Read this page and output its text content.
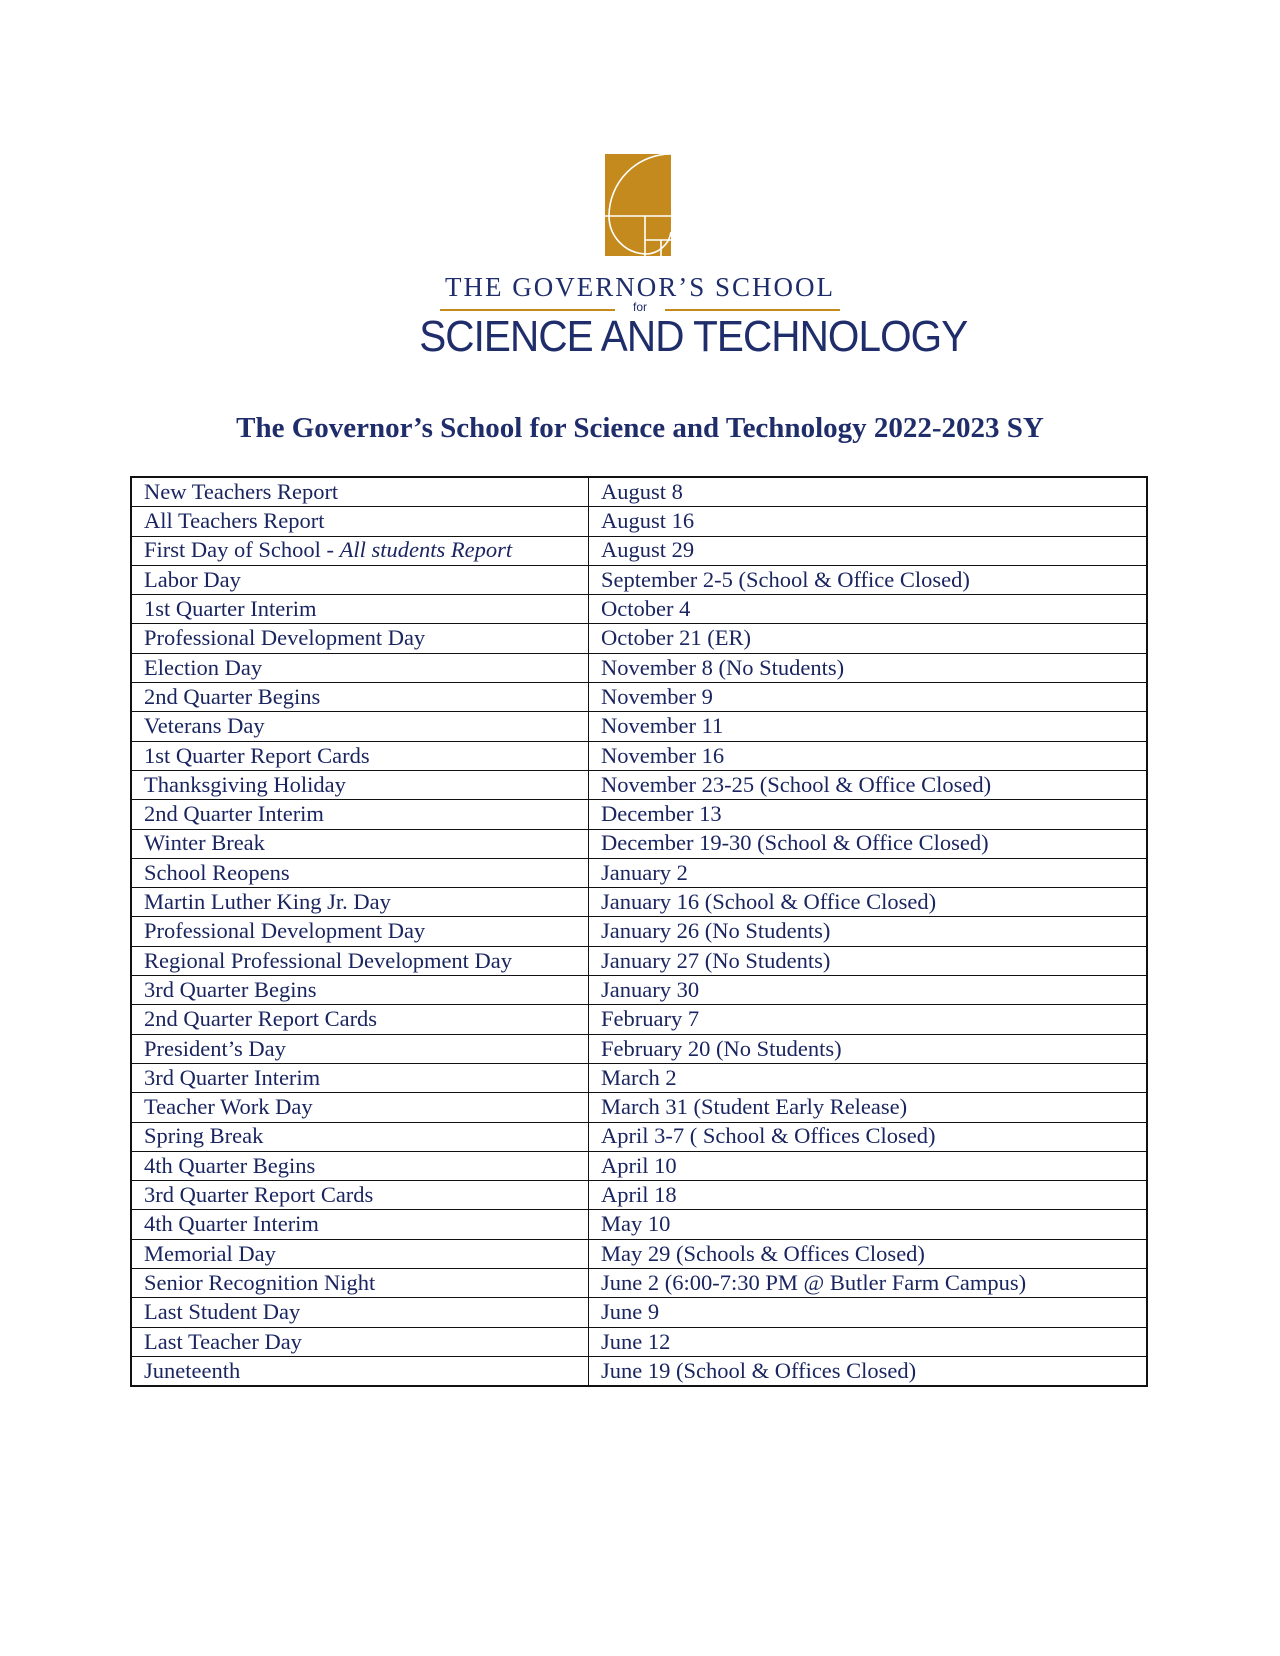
THE GOVERNOR’S SCHOOL
for
SCIENCE AND TECHNOLOGY
The Governor’s School for Science and Technology 2022-2023 SY
New Teachers Report	August 8
All Teachers Report	August 16
First Day of School - All students Report	August 29
Labor Day	September 2-5 (School & Office Closed)
1st Quarter Interim	October 4
Professional Development Day	October 21 (ER)
Election Day	November 8 (No Students)
2nd Quarter Begins	November 9
Veterans Day	November 11
1st Quarter Report Cards	November 16
Thanksgiving Holiday	November 23-25 (School & Office Closed)
2nd Quarter Interim	December 13
Winter Break	December 19-30 (School & Office Closed)
School Reopens	January 2
Martin Luther King Jr. Day	January 16 (School & Office Closed)
Professional Development Day	January 26 (No Students)
Regional Professional Development Day	January 27 (No Students)
3rd Quarter Begins	January 30
2nd Quarter Report Cards	February 7
President’s Day	February 20 (No Students)
3rd Quarter Interim	March 2
Teacher Work Day	March 31 (Student Early Release)
Spring Break	April 3-7 ( School & Offices Closed)
4th Quarter Begins	April 10
3rd Quarter Report Cards	April 18
4th Quarter Interim	May 10
Memorial Day	May 29 (Schools & Offices Closed)
Senior Recognition Night	June 2 (6:00-7:30 PM @ Butler Farm Campus)
Last Student Day	June 9
Last Teacher Day	June 12
Juneteenth	June 19 (School & Offices Closed)
